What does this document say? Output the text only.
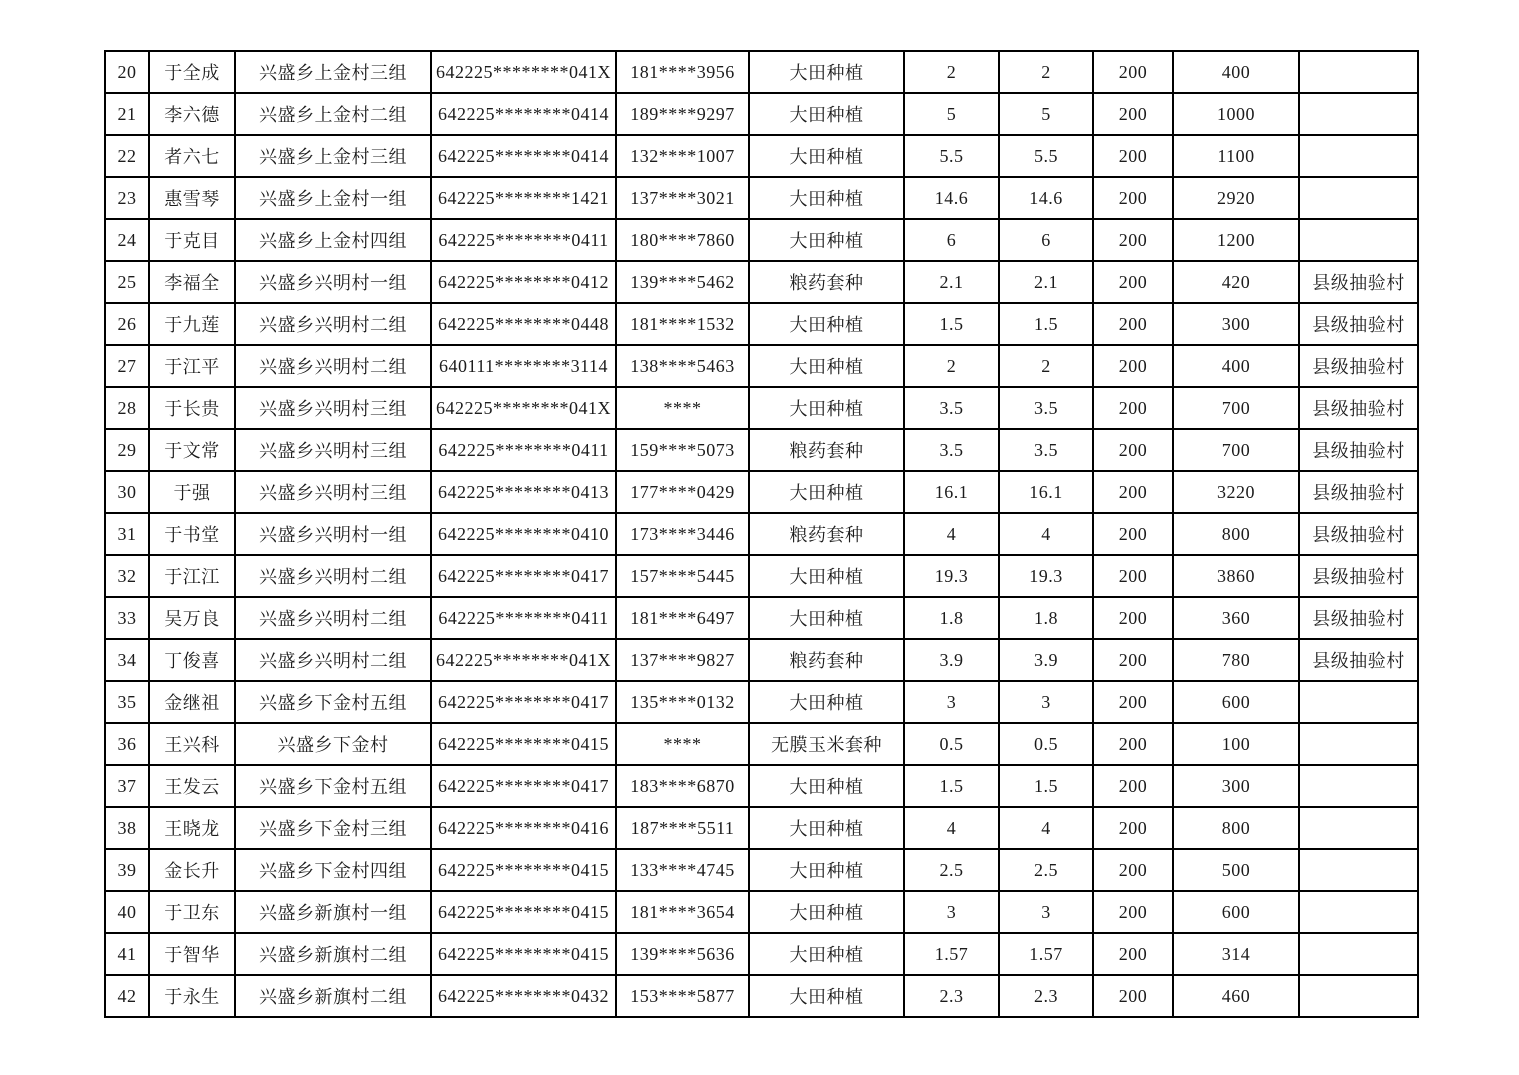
20	于全成	兴盛乡上金村三组	642225********041X	181****3956	大田种植	2	2	200	400	
21	李六德	兴盛乡上金村二组	642225********0414	189****9297	大田种植	5	5	200	1000	
22	者六七	兴盛乡上金村三组	642225********0414	132****1007	大田种植	5.5	5.5	200	1100	
23	惠雪琴	兴盛乡上金村一组	642225********1421	137****3021	大田种植	14.6	14.6	200	2920	
24	于克目	兴盛乡上金村四组	642225********0411	180****7860	大田种植	6	6	200	1200	
25	李福全	兴盛乡兴明村一组	642225********0412	139****5462	粮药套种	2.1	2.1	200	420	县级抽验村
26	于九莲	兴盛乡兴明村二组	642225********0448	181****1532	大田种植	1.5	1.5	200	300	县级抽验村
27	于江平	兴盛乡兴明村二组	640111********3114	138****5463	大田种植	2	2	200	400	县级抽验村
28	于长贵	兴盛乡兴明村三组	642225********041X	****	大田种植	3.5	3.5	200	700	县级抽验村
29	于文常	兴盛乡兴明村三组	642225********0411	159****5073	粮药套种	3.5	3.5	200	700	县级抽验村
30	于强	兴盛乡兴明村三组	642225********0413	177****0429	大田种植	16.1	16.1	200	3220	县级抽验村
31	于书堂	兴盛乡兴明村一组	642225********0410	173****3446	粮药套种	4	4	200	800	县级抽验村
32	于江江	兴盛乡兴明村二组	642225********0417	157****5445	大田种植	19.3	19.3	200	3860	县级抽验村
33	吴万良	兴盛乡兴明村二组	642225********0411	181****6497	大田种植	1.8	1.8	200	360	县级抽验村
34	丁俊喜	兴盛乡兴明村二组	642225********041X	137****9827	粮药套种	3.9	3.9	200	780	县级抽验村
35	金继祖	兴盛乡下金村五组	642225********0417	135****0132	大田种植	3	3	200	600	
36	王兴科	兴盛乡下金村	642225********0415	****	无膜玉米套种	0.5	0.5	200	100	
37	王发云	兴盛乡下金村五组	642225********0417	183****6870	大田种植	1.5	1.5	200	300	
38	王晓龙	兴盛乡下金村三组	642225********0416	187****5511	大田种植	4	4	200	800	
39	金长升	兴盛乡下金村四组	642225********0415	133****4745	大田种植	2.5	2.5	200	500	
40	于卫东	兴盛乡新旗村一组	642225********0415	181****3654	大田种植	3	3	200	600	
41	于智华	兴盛乡新旗村二组	642225********0415	139****5636	大田种植	1.57	1.57	200	314	
42	于永生	兴盛乡新旗村二组	642225********0432	153****5877	大田种植	2.3	2.3	200	460	
